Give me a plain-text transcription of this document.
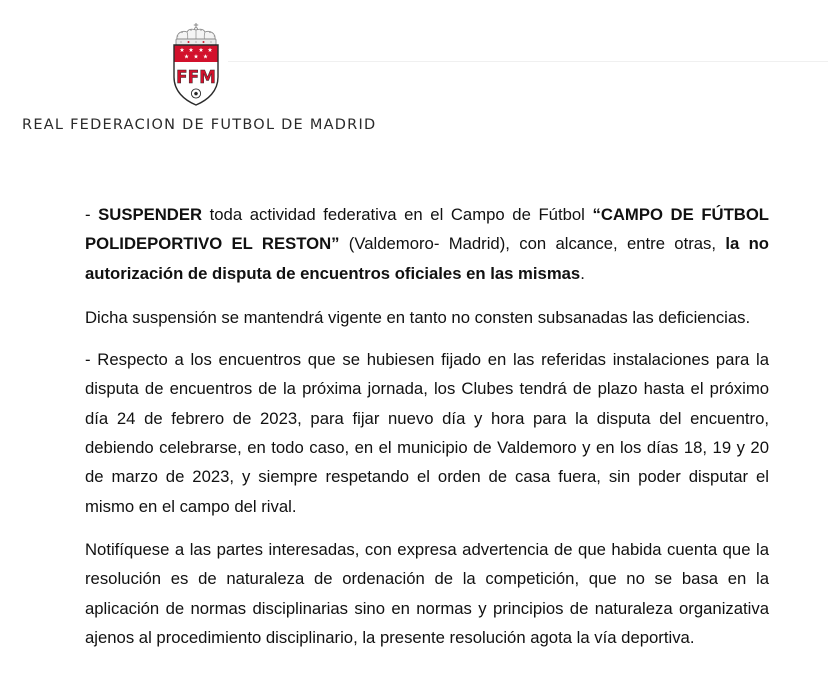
FFM
REAL FEDERACION DE FUTBOL DE MADRID
- SUSPENDER toda actividad federativa en el Campo de Fútbol “CAMPO DE FÚTBOL
POLIDEPORTIVO EL RESTON” (Valdemoro- Madrid), con alcance, entre otras, la no
autorización de disputa de encuentros oficiales en las mismas.
Dicha suspensión se mantendrá vigente en tanto no consten subsanadas las deficiencias.
- Respecto a los encuentros que se hubiesen fijado en las referidas instalaciones para la
disputa de encuentros de la próxima jornada, los Clubes tendrá de plazo hasta el próximo
día 24 de febrero de 2023, para fijar nuevo día y hora para la disputa del encuentro,
debiendo celebrarse, en todo caso, en el municipio de Valdemoro y en los días 18, 19 y 20
de marzo de 2023, y siempre respetando el orden de casa fuera, sin poder disputar el
mismo en el campo del rival.
Notifíquese a las partes interesadas, con expresa advertencia de que habida cuenta que la
resolución es de naturaleza de ordenación de la competición, que no se basa en la
aplicación de normas disciplinarias sino en normas y principios de naturaleza organizativa
ajenos al procedimiento disciplinario, la presente resolución agota la vía deportiva.
